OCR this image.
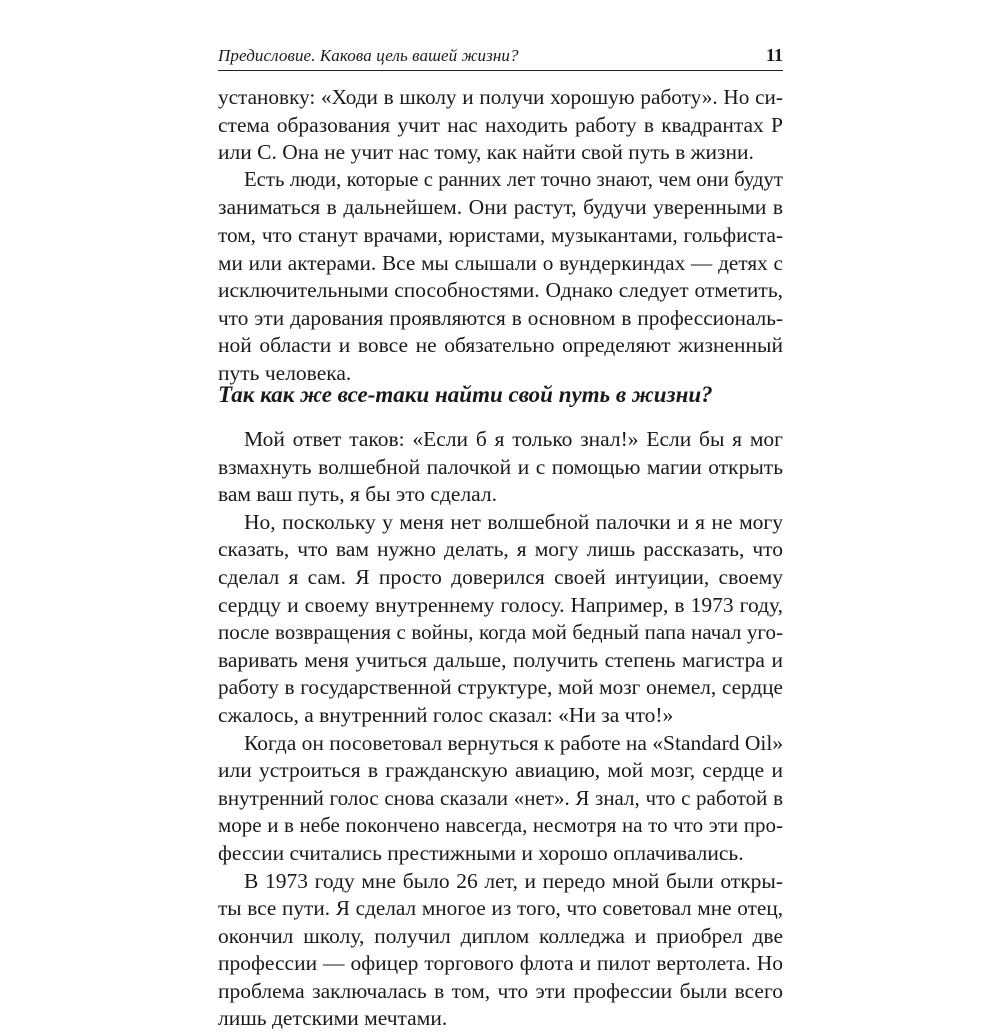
Предисловие. Какова цель вашей жизни?	11
установку: «Ходи в школу и получи хорошую работу». Но си-
стема образования учит нас находить работу в квадрантах Р
или С. Она не учит нас тому, как найти свой путь в жизни.
Есть люди, которые с ранних лет точно знают, чем они будут
заниматься в дальнейшем. Они растут, будучи уверенными в
том, что станут врачами, юристами, музыкантами, гольфиста-
ми или актерами. Все мы слышали о вундеркиндах — детях с
исключительными способностями. Однако следует отметить,
что эти дарования проявляются в основном в профессиональ-
ной области и вовсе не обязательно определяют жизненный
путь человека.
Так как же все-таки найти свой путь в жизни?
Мой ответ таков: «Если б я только знал!» Если бы я мог
взмахнуть волшебной палочкой и с помощью магии открыть
вам ваш путь, я бы это сделал.
Но, поскольку у меня нет волшебной палочки и я не могу
сказать, что вам нужно делать, я могу лишь рассказать, что
сделал я сам. Я просто доверился своей интуиции, своему
сердцу и своему внутреннему голосу. Например, в 1973 году,
после возвращения с войны, когда мой бедный папа начал уго-
варивать меня учиться дальше, получить степень магистра и
работу в государственной структуре, мой мозг онемел, сердце
сжалось, а внутренний голос сказал: «Ни за что!»
Когда он посоветовал вернуться к работе на «Standard Oil»
или устроиться в гражданскую авиацию, мой мозг, сердце и
внутренний голос снова сказали «нет». Я знал, что с работой в
море и в небе покончено навсегда, несмотря на то что эти про-
фессии считались престижными и хорошо оплачивались.
В 1973 году мне было 26 лет, и передо мной были откры-
ты все пути. Я сделал многое из того, что советовал мне отец,
окончил школу, получил диплом колледжа и приобрел две
профессии — офицер торгового флота и пилот вертолета. Но
проблема заключалась в том, что эти профессии были всего
лишь детскими мечтами.
